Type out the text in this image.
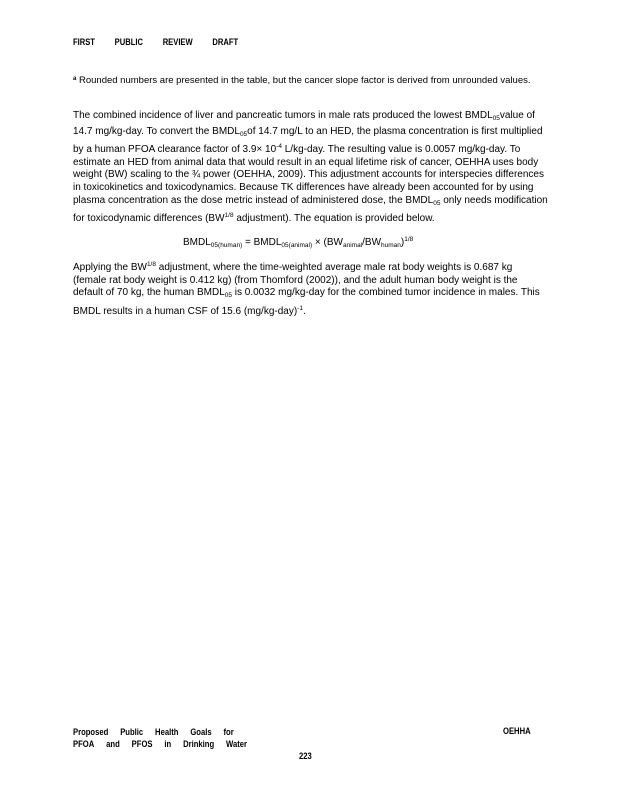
FIRST PUBLIC REVIEW DRAFT
$^a$ Rounded numbers are presented in the table, but the cancer slope factor is derived from unrounded values.
The combined incidence of liver and pancreatic tumors in male rats produced the lowest $BMDL_{05}value$ of 14.7 mg/kg-day. To convert the $BMDL_{05}of$ 14.7 mg/L to an HED, the plasma concentration is first multiplied by a human PFOA clearance factor of $3.9\times 10^{-4}$ L/kg-day. The resulting value is 0.0057 mg/kg-day. To estimate an HED from animal data that would result in an equal lifetime risk of cancer, OEHHA uses body weight (BW) scaling to the ¾ power (OEHHA, 2009). This adjustment accounts for interspecies differences in toxicokinetics and toxicodynamics. Because TK differences have already been accounted for by using plasma concentration as the dose metric instead of administered dose, the $BMDL_{05}$ only needs modification for toxicodynamic differences ($BW^{1/8}$ adjustment). The equation is provided below.
$BMDL_{05(human)}$ = $BMDL_{05(animal)} \times (BW_{animal}/BW_{human})^{1/8}$
Applying the $BW^{1/8}$ adjustment, where the time-weighted average male rat body weights is 0.687 kg (female rat body weight is 0.412 kg) (from Thomford (2002)), and the adult human body weight is the default of 70 kg, the human $BMDL_{05}$ is 0.0032 mg/kg-day for the combined tumor incidence in males. This BMDL results in a human CSF of 15.6 $(mg/kg-day)^{-1}$.
Proposed Public Health Goals for
PFOA and PFOS in Drinking Water
OEHHA
223
